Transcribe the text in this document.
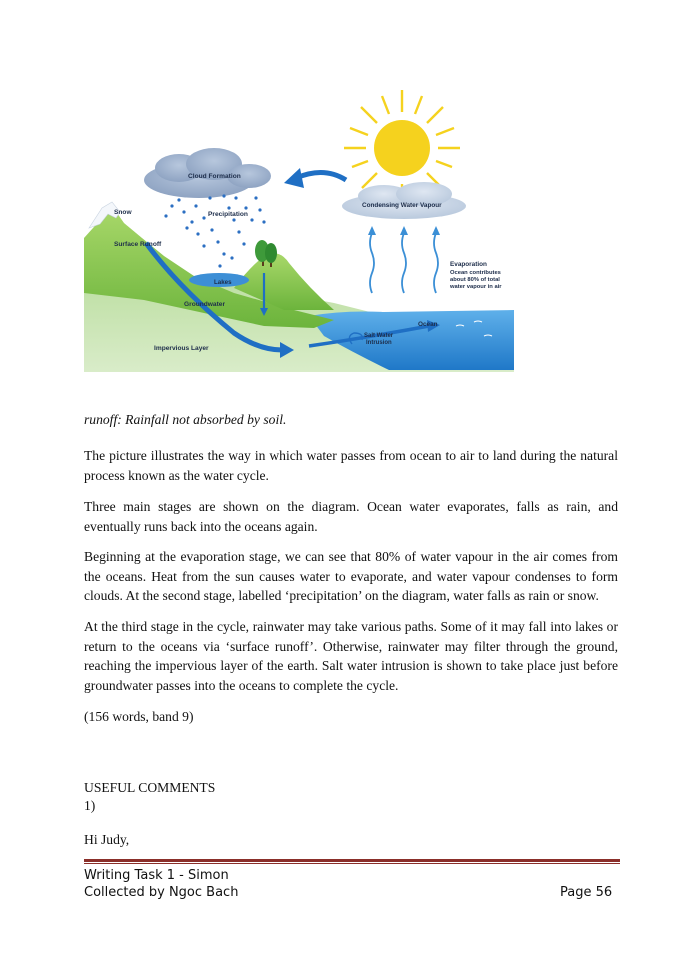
Cloud Formation
Snow	Precipitation
Surface Runoff
Lakes
Groundwater
Impervious Layer
Salt Water
Intrusion
Ocean
Condensing Water Vapour
Evaporation
Ocean contributes
about 80% of total
water vapour in air

runoff: Rainfall not absorbed by soil.

The picture illustrates the way in which water passes from ocean to air to land during the natural process known as the water cycle.

Three main stages are shown on the diagram. Ocean water evaporates, falls as rain, and eventually runs back into the oceans again.

Beginning at the evaporation stage, we can see that 80% of water vapour in the air comes from the oceans. Heat from the sun causes water to evaporate, and water vapour condenses to form clouds. At the second stage, labelled ‘precipitation’ on the diagram, water falls as rain or snow.

At the third stage in the cycle, rainwater may take various paths. Some of it may fall into lakes or return to the oceans via ‘surface runoff’. Otherwise, rainwater may filter through the ground, reaching the impervious layer of the earth. Salt water intrusion is shown to take place just before groundwater passes into the oceans to complete the cycle.

(156 words, band 9)

USEFUL COMMENTS

1)

Hi Judy,

Writing Task 1 - Simon
Collected by Ngoc Bach	Page 56
